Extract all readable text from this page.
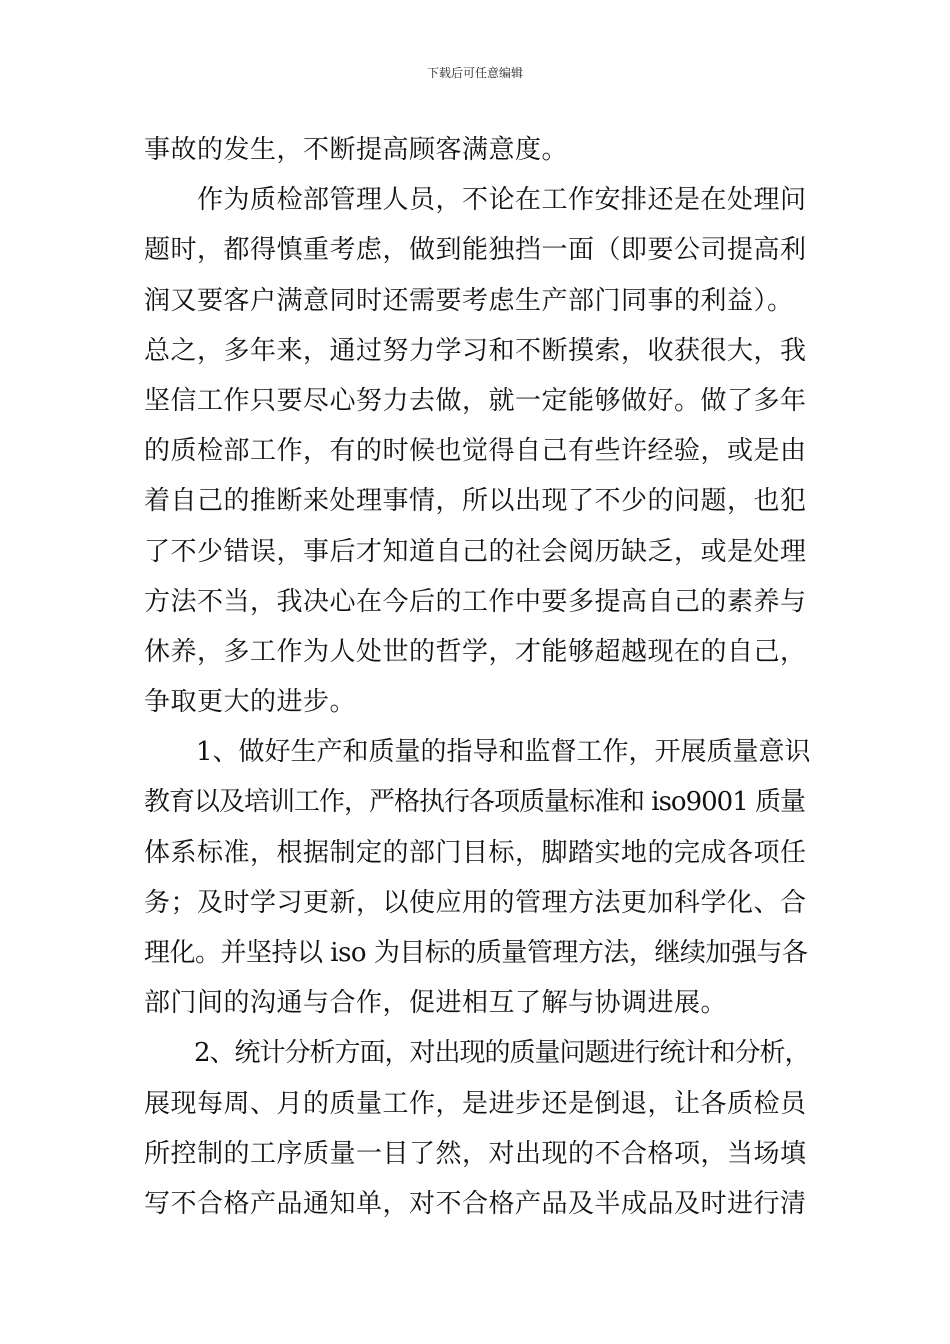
下载后可任意编辑
事故的发生，不断提高顾客满意度。
　　作为质检部管理人员，不论在工作安排还是在处理问
题时，都得慎重考虑，做到能独挡一面（即要公司提高利
润又要客户满意同时还需要考虑生产部门同事的利益）。
总之，多年来，通过努力学习和不断摸索，收获很大，我
坚信工作只要尽心努力去做，就一定能够做好。做了多年
的质检部工作，有的时候也觉得自己有些许经验，或是由
着自己的推断来处理事情，所以出现了不少的问题，也犯
了不少错误，事后才知道自己的社会阅历缺乏，或是处理
方法不当，我决心在今后的工作中要多提高自己的素养与
休养，多工作为人处世的哲学，才能够超越现在的自己，
争取更大的进步。
　　1、做好生产和质量的指导和监督工作，开展质量意识
教育以及培训工作，严格执行各项质量标准和 iso9001 质量
体系标准，根据制定的部门目标，脚踏实地的完成各项任
务；及时学习更新，以使应用的管理方法更加科学化、合
理化。并坚持以 iso 为目标的质量管理方法，继续加强与各
部门间的沟通与合作，促进相互了解与协调进展。
　　2、统计分析方面，对出现的质量问题进行统计和分析，
展现每周、月的质量工作，是进步还是倒退，让各质检员
所控制的工序质量一目了然，对出现的不合格项，当场填
写不合格产品通知单，对不合格产品及半成品及时进行清
